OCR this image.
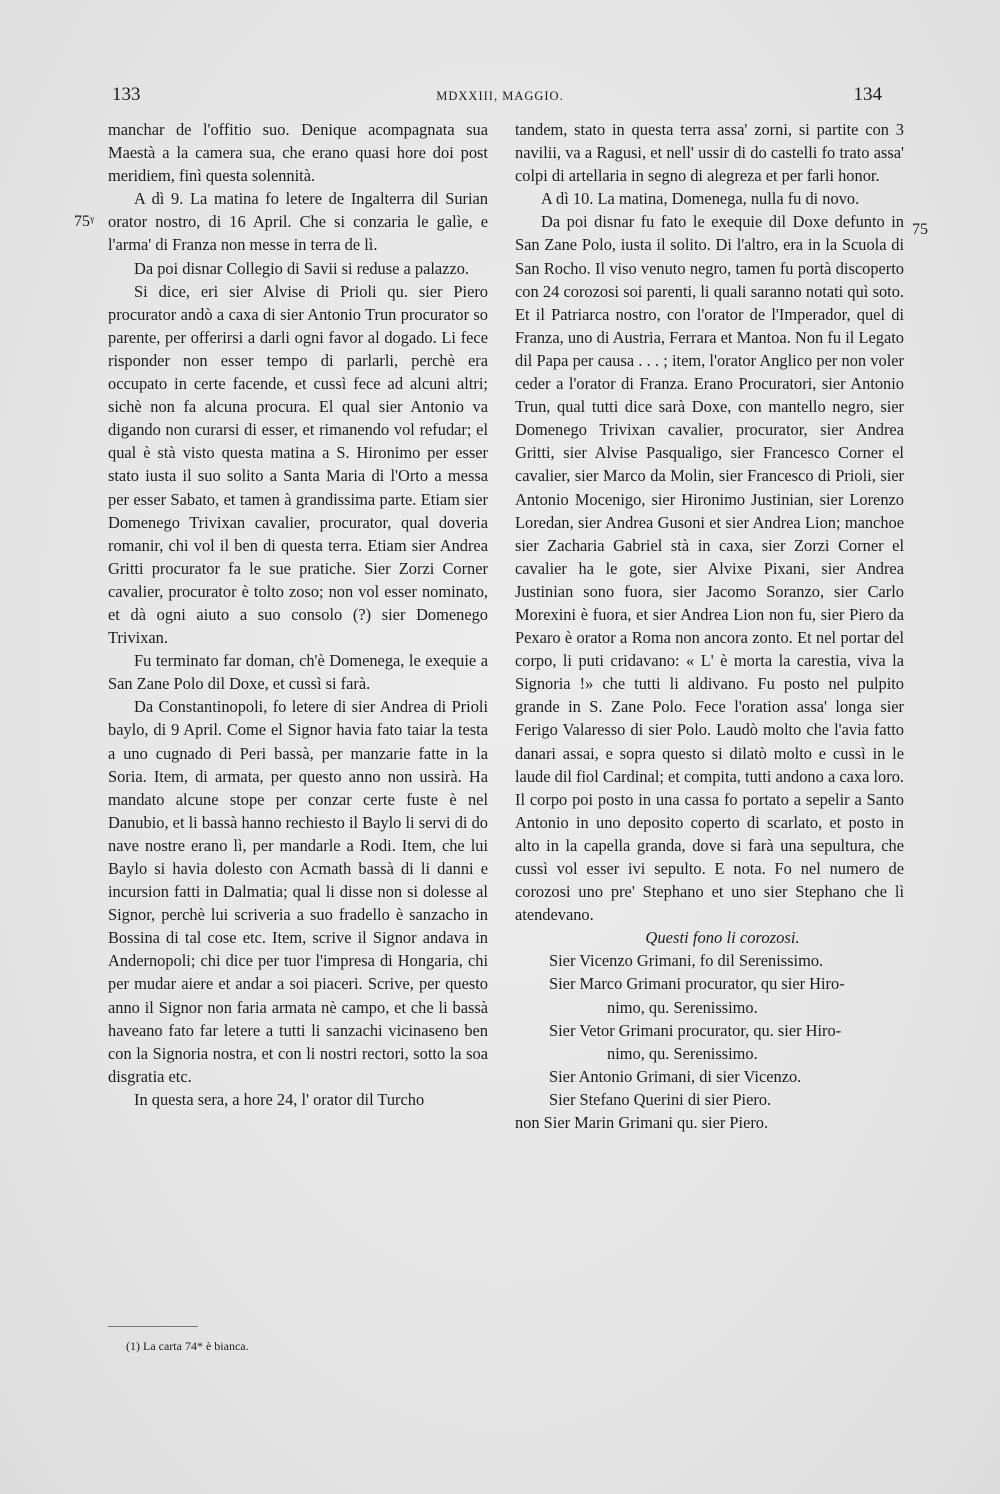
133	MDXXIII, MAGGIO.	134
75ᵞ	75

manchar de l'offitio suo. Denique acompagnata sua Maestà a la camera sua, che erano quasi hore doi post meridiem, finì questa solennità.

A dì 9. La matina fo letere de Ingalterra dil Surian orator nostro, di 16 April. Che si conzaria le galìe, e l'arma' di Franza non messe in terra de lì.

Da poi disnar Collegio di Savii si reduse a palazzo.

Si dice, eri sier Alvise di Prioli qu. sier Piero procurator andò a caxa di sier Antonio Trun procurator so parente, per offerirsi a darli ogni favor al dogado. Li fece risponder non esser tempo di parlarli, perchè era occupato in certe facende, et cussì fece ad alcuni altri; sichè non fa alcuna procura. El qual sier Antonio va digando non curarsi di esser, et rimanendo vol refudar; el qual è stà visto questa matina a S. Hironimo per esser stato iusta il suo solito a Santa Maria di l'Orto a messa per esser Sabato, et tamen à grandissima parte. Etiam sier Domenego Trivixan cavalier, procurator, qual doveria romanir, chi vol il ben di questa terra. Etiam sier Andrea Gritti procurator fa le sue pratiche. Sier Zorzi Corner cavalier, procurator è tolto zoso; non vol esser nominato, et dà ogni aiuto a suo consolo (?) sier Domenego Trivixan.

Fu terminato far doman, ch'è Domenega, le exequie a San Zane Polo dil Doxe, et cussì si farà.

Da Constantinopoli, fo letere di sier Andrea di Prioli baylo, di 9 April. Come el Signor havia fato taiar la testa a uno cugnado di Peri bassà, per manzarie fatte in la Soria. Item, di armata, per questo anno non ussirà. Ha mandato alcune stope per conzar certe fuste è nel Danubio, et li bassà hanno rechiesto il Baylo li servi di do nave nostre erano lì, per mandarle a Rodi. Item, che lui Baylo si havia dolesto con Acmath bassà di li danni e incursion fatti in Dalmatia; qual li disse non si dolesse al Signor, perchè lui scriveria a suo fradello è sanzacho in Bossina di tal cose etc. Item, scrive il Signor andava in Andernopoli; chi dice per tuor l'impresa di Hongaria, chi per mudar aiere et andar a soi piaceri. Scrive, per questo anno il Signor non faria armata nè campo, et che li bassà haveano fato far letere a tutti li sanzachi vicinaseno ben con la Signoria nostra, et con li nostri rectori, sotto la soa disgratia etc.

In questa sera, a hore 24, l' orator dil Turcho

tandem, stato in questa terra assa' zorni, si partite con 3 navilii, va a Ragusi, et nell' ussir di do castelli fo trato assa' colpi di artellaria in segno di alegreza et per farli honor.

A dì 10. La matina, Domenega, nulla fu di novo.

Da poi disnar fu fato le exequie dil Doxe defunto in San Zane Polo, iusta il solito. Di l'altro, era in la Scuola di San Rocho. Il viso venuto negro, tamen fu portà discoperto con 24 corozosi soi parenti, li quali saranno notati quì soto. Et il Patriarca nostro, con l'orator de l'Imperador, quel di Franza, uno di Austria, Ferrara et Mantoa. Non fu il Legato dil Papa per causa . . . ; item, l'orator Anglico per non voler ceder a l'orator di Franza. Erano Procuratori, sier Antonio Trun, qual tutti dice sarà Doxe, con mantello negro, sier Domenego Trivixan cavalier, procurator, sier Andrea Gritti, sier Alvise Pasqualigo, sier Francesco Corner el cavalier, sier Marco da Molin, sier Francesco di Prioli, sier Antonio Mocenigo, sier Hironimo Justinian, sier Lorenzo Loredan, sier Andrea Gusoni et sier Andrea Lion; manchoe sier Zacharia Gabriel stà in caxa, sier Zorzi Corner el cavalier ha le gote, sier Alvixe Pixani, sier Andrea Justinian sono fuora, sier Jacomo Soranzo, sier Carlo Morexini è fuora, et sier Andrea Lion non fu, sier Piero da Pexaro è orator a Roma non ancora zonto. Et nel portar del corpo, li puti cridavano: « L' è morta la carestia, viva la Signoria !» che tutti li aldivano. Fu posto nel pulpito grande in S. Zane Polo. Fece l'oration assa' longa sier Ferigo Valaresso di sier Polo. Laudò molto che l'avia fatto danari assai, e sopra questo si dilatò molto e cussì in le laude dil fiol Cardinal; et compita, tutti andono a caxa loro. Il corpo poi posto in una cassa fo portato a sepelir a Santo Antonio in uno deposito coperto di scarlato, et posto in alto in la capella granda, dove si farà una sepultura, che cussì vol esser ivi sepulto. E nota. Fo nel numero de corozosi uno pre' Stephano et uno sier Stephano che lì atendevano.

Questi fono li corozosi.

Sier Vicenzo Grimani, fo dil Serenissimo.
Sier Marco Grimani procurator, qu sier Hiro-
nimo, qu. Serenissimo.
Sier Vetor Grimani procurator, qu. sier Hiro-
nimo, qu. Serenissimo.
Sier Antonio Grimani, di sier Vicenzo.
Sier Stefano Querini di sier Piero.
non Sier Marin Grimani qu. sier Piero.
(1) La carta 74* è bianca.
